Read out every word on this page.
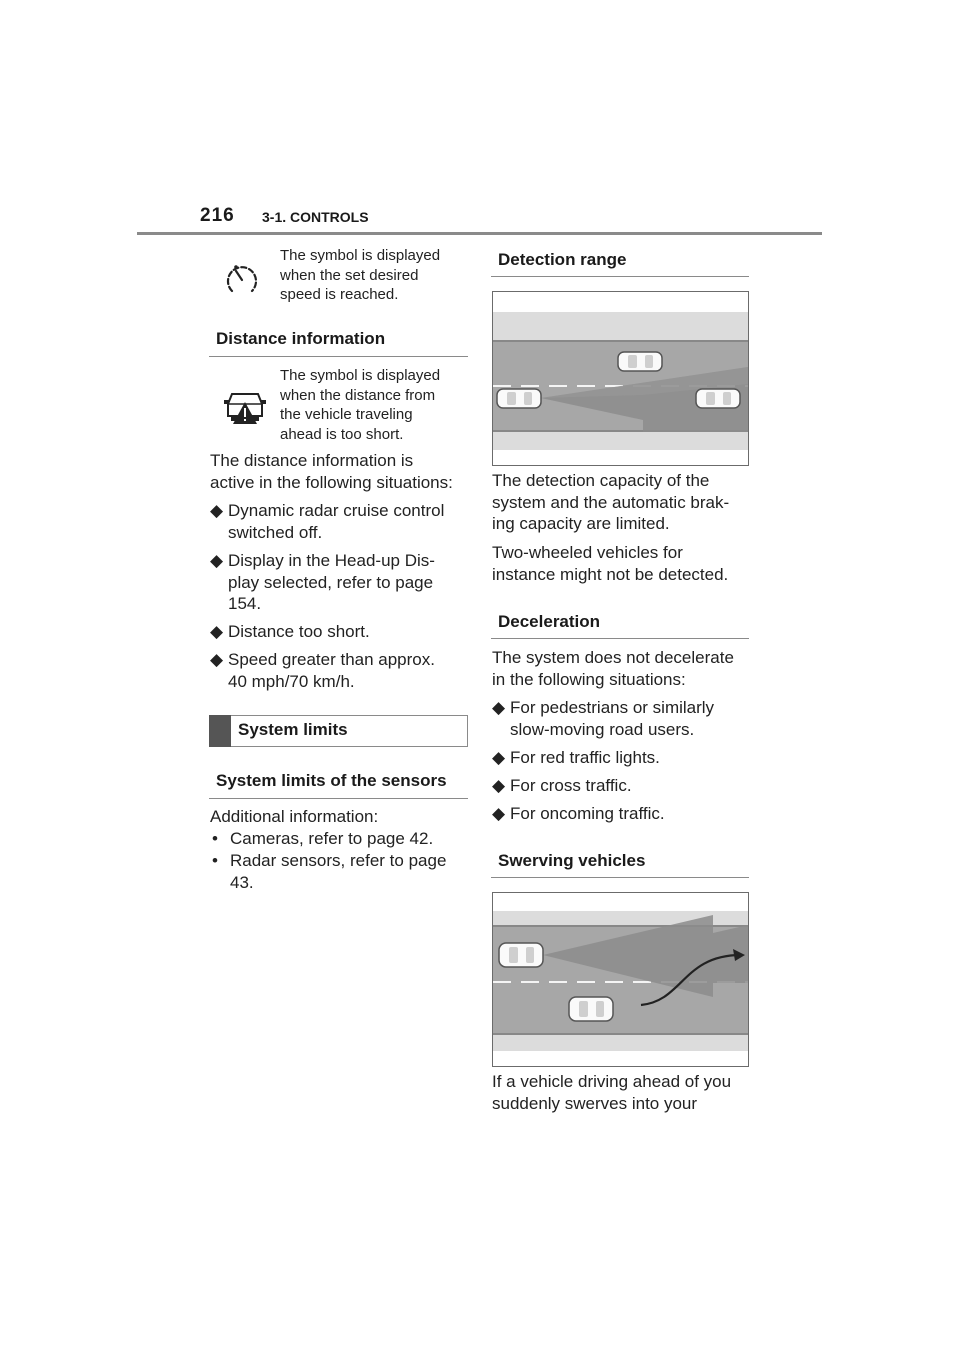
216 3-1. CONTROLS
The symbol is displayed
when the set desired
speed is reached.
Distance information
The symbol is displayed
when the distance from
the vehicle traveling
ahead is too short.
The distance information is
active in the following situations:
◆ Dynamic radar cruise control
switched off.
◆ Display in the Head-up Dis-
play selected, refer to page
154.
◆ Distance too short.
◆ Speed greater than approx.
40 mph/70 km/h.
System limits
System limits of the sensors
Additional information:
• Cameras, refer to page 42.
• Radar sensors, refer to page
43.
Detection range
The detection capacity of the
system and the automatic brak-
ing capacity are limited.
Two-wheeled vehicles for
instance might not be detected.
Deceleration
The system does not decelerate
in the following situations:
◆ For pedestrians or similarly
slow-moving road users.
◆ For red traffic lights.
◆ For cross traffic.
◆ For oncoming traffic.
Swerving vehicles
If a vehicle driving ahead of you
suddenly swerves into your
